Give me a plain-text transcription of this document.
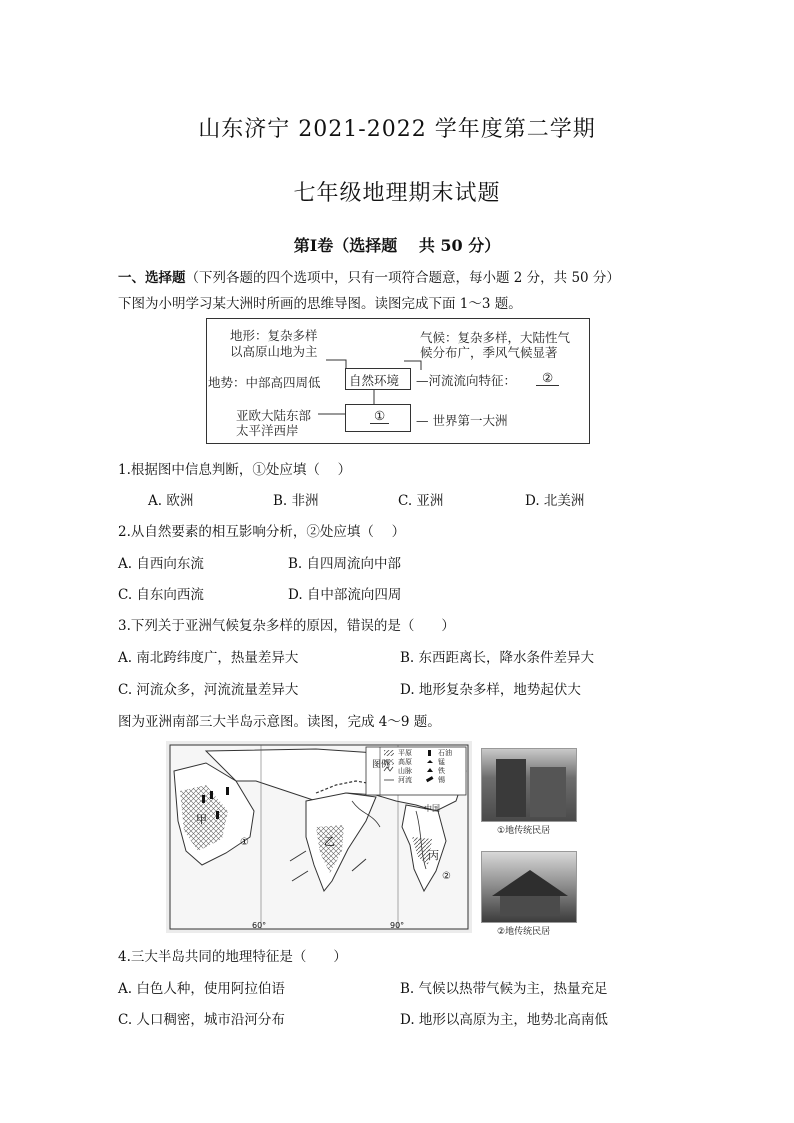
山东济宁 2021-2022 学年度第二学期
七年级地理期末试题
第Ⅰ卷（选择题　 共 50 分）
一、选择题（下列各题的四个选项中，只有一项符合题意，每小题 2 分，共 50 分）
下图为小明学习某大洲时所画的思维导图。读图完成下面 1～3 题。
地形：复杂多样
以高原山地为主
气候：复杂多样，大陆性气
候分布广，季风气候显著
地势：中部高四周低 自然环境 —河流流向特征：	②
亚欧大陆东部
太平洋西岸
①	— 世界第一大洲
1.根据图中信息判断，①处应填（　 ）
A. 欧洲	B. 非洲	C. 亚洲	D. 北美洲
2.从自然要素的相互影响分析，②处应填（　 ）
A. 自西向东流	B. 自四周流向中部
C. 自东向西流	D. 自中部流向四周
3.下列关于亚洲气候复杂多样的原因，错误的是（　　）
A. 南北跨纬度广，热量差异大	B. 东西距离长，降水条件差异大
C. 河流众多，河流流量差异大	D. 地形复杂多样，地势起伏大
图为亚洲南部三大半岛示意图。读图，完成 4～9 题。
图例
平原
高原
山脉
河流
石油
锰
铁
锡
甲
乙
丙
①
②
中国
60°	90°
①地传统民居
②地传统民居
4.三大半岛共同的地理特征是（　　）
A. 白色人种，使用阿拉伯语	B. 气候以热带气候为主，热量充足
C. 人口稠密，城市沿河分布	D. 地形以高原为主，地势北高南低
